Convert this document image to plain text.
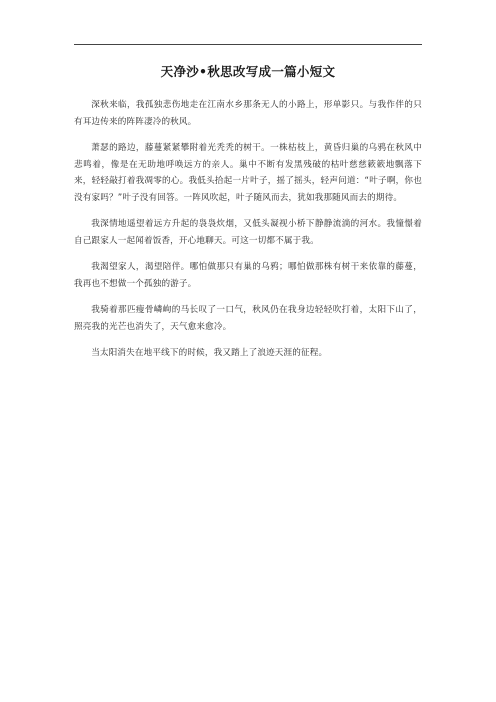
天净沙•秋思改写成一篇小短文

深秋来临，我孤独悲伤地走在江南水乡那条无人的小路上，形单影只。与我作伴的只有耳边传来的阵阵凄冷的秋风。

萧瑟的路边，藤蔓紧紧攀附着光秃秃的树干。一株枯枝上，黄昏归巢的乌鸦在秋风中悲鸣着，像是在无助地呼唤远方的亲人。巢中不断有发黑残破的枯叶慈慈簌簌地飘落下来，轻轻敲打着我凋零的心。我低头拾起一片叶子，摇了摇头，轻声问道：“叶子啊，你也没有家吗？”叶子没有回答。一阵风吹起，叶子随风而去，犹如我那随风而去的期待。

我深情地遥望着远方升起的袅袅炊烟，又低头凝视小桥下静静流淌的河水。我憧憬着自己跟家人一起闻着饭香，开心地聊天。可这一切都不属于我。

我渴望家人，渴望陪伴。哪怕做那只有巢的乌鸦；哪怕做那株有树干来依靠的藤蔓，我再也不想做一个孤独的游子。

我骑着那匹瘦骨嶙峋的马长叹了一口气，秋风仍在我身边轻轻吹打着，太阳下山了，照亮我的光芒也消失了，天气愈来愈冷。

当太阳消失在地平线下的时候，我又踏上了浪迹天涯的征程。
